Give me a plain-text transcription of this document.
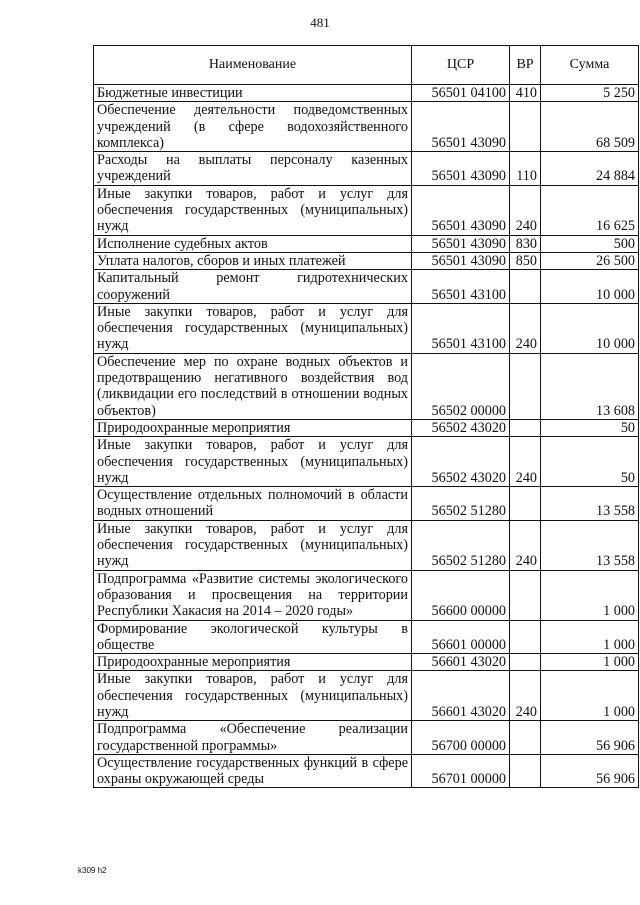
481
Наименование	ЦСР	ВР	Сумма
Бюджетные инвестиции	56501 04100	410	5 250
Обеспечение деятельности подведомственных учреждений (в сфере водохозяйственного комплекса)	56501 43090		68 509
Расходы на выплаты персоналу казенных учреждений	56501 43090	110	24 884
Иные закупки товаров, работ и услуг для обеспечения государственных (муниципальных) нужд	56501 43090	240	16 625
Исполнение судебных актов	56501 43090	830	500
Уплата налогов, сборов и иных платежей	56501 43090	850	26 500
Капитальный ремонт гидротехнических сооружений	56501 43100		10 000
Иные закупки товаров, работ и услуг для обеспечения государственных (муниципальных) нужд	56501 43100	240	10 000
Обеспечение мер по охране водных объектов и предотвращению негативного воздействия вод (ликвидации его последствий в отношении водных объектов)	56502 00000		13 608
Природоохранные мероприятия	56502 43020		50
Иные закупки товаров, работ и услуг для обеспечения государственных (муниципальных) нужд	56502 43020	240	50
Осуществление отдельных полномочий в области водных отношений	56502 51280		13 558
Иные закупки товаров, работ и услуг для обеспечения государственных (муниципальных) нужд	56502 51280	240	13 558
Подпрограмма «Развитие системы экологического образования и просвещения на территории Республики Хакасия на 2014 – 2020 годы»	56600 00000		1 000
Формирование экологической культуры в обществе	56601 00000		1 000
Природоохранные мероприятия	56601 43020		1 000
Иные закупки товаров, работ и услуг для обеспечения государственных (муниципальных) нужд	56601 43020	240	1 000
Подпрограмма «Обеспечение реализации государственной программы»	56700 00000		56 906
Осуществление государственных функций в сфере охраны окружающей среды	56701 00000		56 906
k309 h2
